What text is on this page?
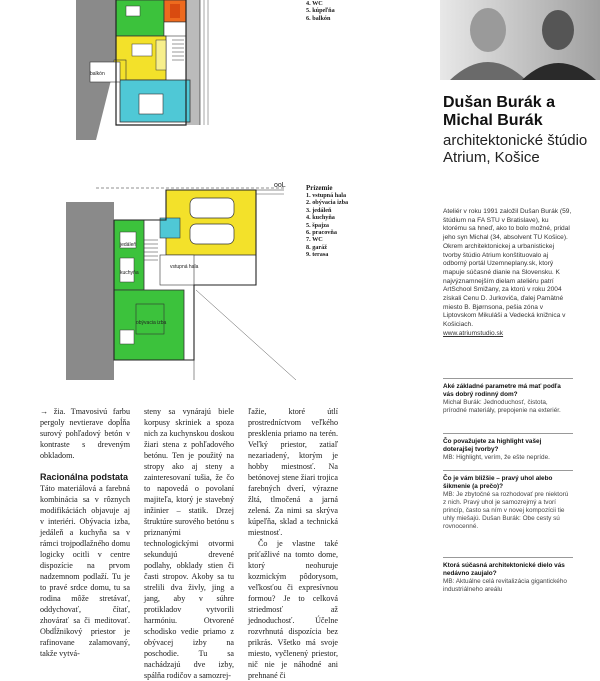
balkón
4. WC
5. kúpeľňa
6. balkón
jedáleň
kuchyňa
obývacia izba
vstupná hala
ooL	Prízemie
1. vstupná hala
2. obývacia izba
3. jedáleň
4. kuchyňa
5. špajza
6. pracovňa
7. WC
8. garáž
9. terasa

→ žia. Tmavosivú farbu pergoly nevtierave dopĺňa surový pohľadový betón v kontraste s dreveným obkladom.

Racionálna podstata

Táto materiálová a farebná kombinácia sa v rôznych modifikáciách objavuje aj v interiéri. Obývacia izba, jedáleň a kuchyňa sa v rámci trojpodlažného domu logicky ocitli v centre dispozície na prvom nadzemnom podlaží. Tu je to pravé srdce domu, tu sa rodina môže stretávať, oddychovať, čítať, zhovárať sa či meditovať. Obdĺžnikový priestor je rafinovane zalamovaný, takže vytvá-

steny sa vynárajú biele korpusy skriniek a spoza nich za kuchynskou doskou žiari stena z pohľadového betónu. Ten je použitý na stropy ako aj steny a zainteresovaní tušia, že čo to napovedá o povolaní majiteľa, ktorý je stavebný inžinier – statik. Drzej štruktúre surového betónu s priznanými technologickými otvormi sekundujú drevené podlahy, obklady stien či časti stropov. Akoby sa tu strelili dva živly, jing a jang, aby v súhre protikladov vytvorili harmóniu. Otvorené schodisko vedie priamo z obývacej izby na poschodie. Tu sa nachádzajú dve izby, spálňa rodičov a samozrej-

ľažie, ktoré útlí prostredníctvom veľkého presklenia priamo na terén. Veľký priestor, zatiaľ nezariadený, ktorým je hobby miestnosť. Na betónovej stene žiari trojica farebných dverí, výrazne žltá, tlmočená a jarná zelená. Za nimi sa skrýva kúpeľňa, sklad a technická miestnosť.

Čo je vlastne také príťažlivé na tomto dome, ktorý neohuruje kozmickým pôdorysom, veľkosťou či expresívnou formou? Je to celková striedmosť až jednoduchosť. Účelne rozvrhnutá dispozícia bez prikrás. Všetko má svoje miesto, vyčlenený priestor, nič nie je náhodné ani prehnané či

Dušan Burák a Michal Burák
architektonické štúdio Atrium, Košice
Ateliér v roku 1991 založil Dušan Burák (59, štúdium na FA STU v Bratislave), ku ktorému sa hneď, ako to bolo možné, pridal jeho syn Michal (34, absolvent TU Košice). Okrem architektonickej a urbanistickej tvorby štúdio Atrium konštituovalo aj odborný portál Uzemneplany.sk, ktorý mapuje súčasné dianie na Slovensku. K najvýznamnejším dielam ateliéru patrí ArtSchool Smižany, za ktorú v roku 2004 získali Cenu D. Jurkoviča, ďalej Pamätné miesto B. Bjørnsona, pešia zóna v Liptovskom Mikuláši a Vedecká knižnica v Košiciach.
www.atriumstudio.sk
Aké základné parametre má mať podľa vás dobrý rodinný dom?
Michal Burák: Jednoduchosť, čistota, prírodné materiály, prepojenie na exteriér.
Čo považujete za highlight vašej doterajšej tvorby?
MB: Highlight, verím, že ešte nepríde.
Čo je vám bližšie – pravý uhol alebo šikmenie (a prečo)?
MB: Je zbytočné sa rozhodovať pre niektorú z nich. Pravý uhol je samozrejmý a tvorí princíp, často sa ním v novej kompozícii tie uhly miešajú. Dušan Burák: Obe cesty sú rovnocenné.
Ktorá súčasná architektonické dielo vás nedávno zaujalo?
MB: Aktuálne celá revitalizácia gigantického industriálneho areálu
